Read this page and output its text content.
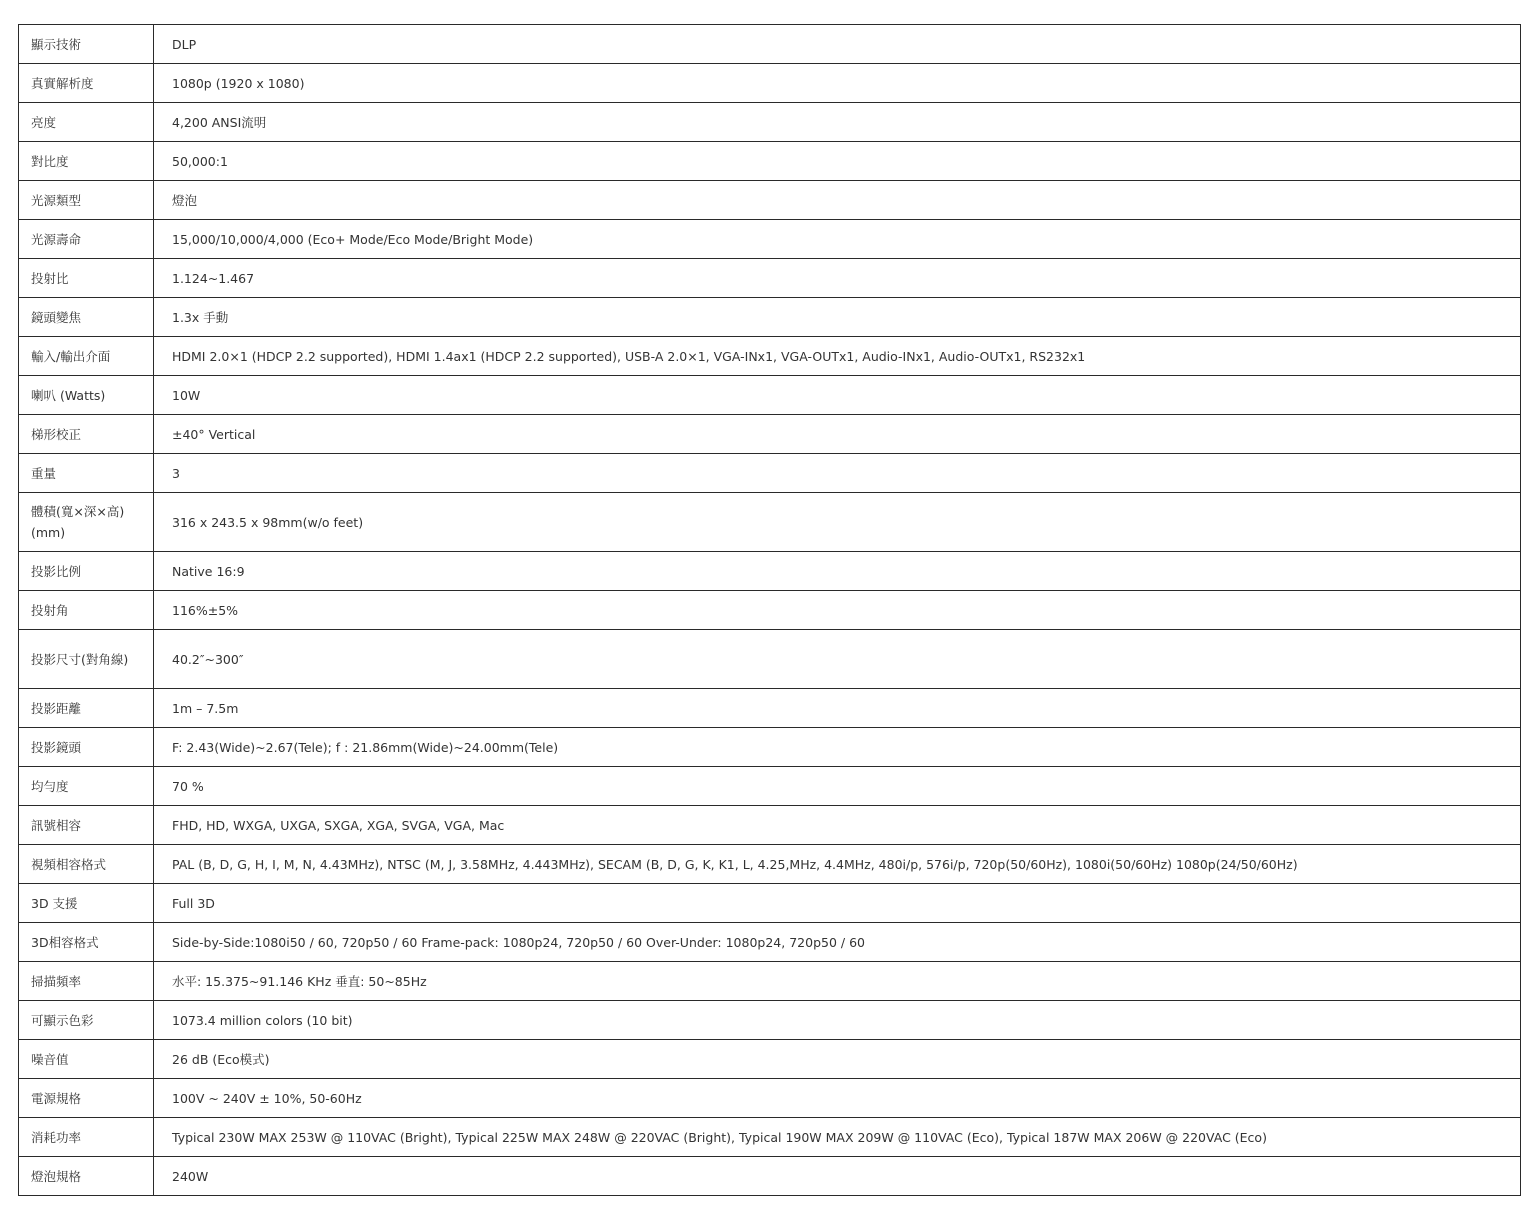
顯示技術	DLP
真實解析度	1080p (1920 x 1080)
亮度	4,200 ANSI流明
對比度	50,000:1
光源類型	燈泡
光源壽命	15,000/10,000/4,000 (Eco+ Mode/Eco Mode/Bright Mode)
投射比	1.124~1.467
鏡頭變焦	1.3x 手動
輸入/輸出介面	HDMI 2.0×1 (HDCP 2.2 supported), HDMI 1.4ax1 (HDCP 2.2 supported), USB-A 2.0×1, VGA-INx1, VGA-OUTx1, Audio-INx1, Audio-OUTx1, RS232x1
喇叭 (Watts)	10W
梯形校正	±40° Vertical
重量	3
體積(寬×深×高)(mm)	316 x 243.5 x 98mm(w/o feet)
投影比例	Native 16:9
投射角	116%±5%
投影尺寸(對角線)	40.2″~300″
投影距離	1m – 7.5m
投影鏡頭	F: 2.43(Wide)~2.67(Tele); f : 21.86mm(Wide)~24.00mm(Tele)
均勻度	70 %
訊號相容	FHD, HD, WXGA, UXGA, SXGA, XGA, SVGA, VGA, Mac
視頻相容格式	PAL (B, D, G, H, I, M, N, 4.43MHz), NTSC (M, J, 3.58MHz, 4.443MHz), SECAM (B, D, G, K, K1, L, 4.25,MHz, 4.4MHz, 480i/p, 576i/p, 720p(50/60Hz), 1080i(50/60Hz) 1080p(24/50/60Hz)
3D 支援	Full 3D
3D相容格式	Side-by-Side:1080i50 / 60, 720p50 / 60 Frame-pack: 1080p24, 720p50 / 60 Over-Under: 1080p24, 720p50 / 60
掃描頻率	水平: 15.375~91.146 KHz 垂直: 50~85Hz
可顯示色彩	1073.4 million colors (10 bit)
噪音值	26 dB (Eco模式)
電源規格	100V ~ 240V ± 10%, 50-60Hz
消耗功率	Typical 230W MAX 253W @ 110VAC (Bright), Typical 225W MAX 248W @ 220VAC (Bright), Typical 190W MAX 209W @ 110VAC (Eco), Typical 187W MAX 206W @ 220VAC (Eco)
燈泡規格	240W
